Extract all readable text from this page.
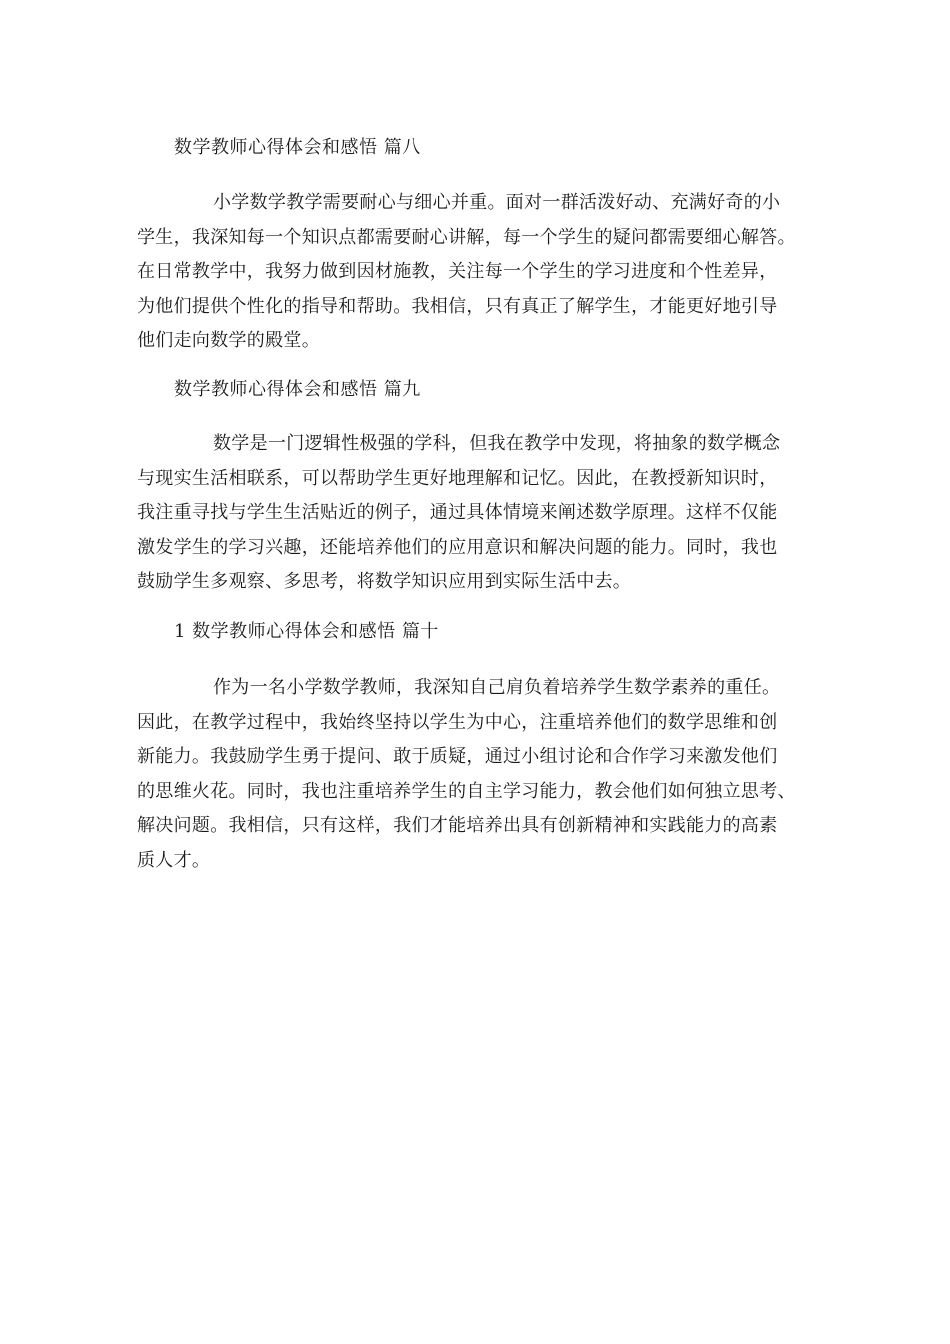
数学教师心得体会和感悟 篇八
小学数学教学需要耐心与细心并重。面对一群活泼好动、充满好奇的小
学生，我深知每一个知识点都需要耐心讲解，每一个学生的疑问都需要细心解答。
在日常教学中，我努力做到因材施教，关注每一个学生的学习进度和个性差异，
为他们提供个性化的指导和帮助。我相信，只有真正了解学生，才能更好地引导
他们走向数学的殿堂。
数学教师心得体会和感悟 篇九
数学是一门逻辑性极强的学科，但我在教学中发现，将抽象的数学概念
与现实生活相联系，可以帮助学生更好地理解和记忆。因此，在教授新知识时，
我注重寻找与学生生活贴近的例子，通过具体情境来阐述数学原理。这样不仅能
激发学生的学习兴趣，还能培养他们的应用意识和解决问题的能力。同时，我也
鼓励学生多观察、多思考，将数学知识应用到实际生活中去。
1 数学教师心得体会和感悟 篇十
作为一名小学数学教师，我深知自己肩负着培养学生数学素养的重任。
因此，在教学过程中，我始终坚持以学生为中心，注重培养他们的数学思维和创
新能力。我鼓励学生勇于提问、敢于质疑，通过小组讨论和合作学习来激发他们
的思维火花。同时，我也注重培养学生的自主学习能力，教会他们如何独立思考、
解决问题。我相信，只有这样，我们才能培养出具有创新精神和实践能力的高素
质人才。
